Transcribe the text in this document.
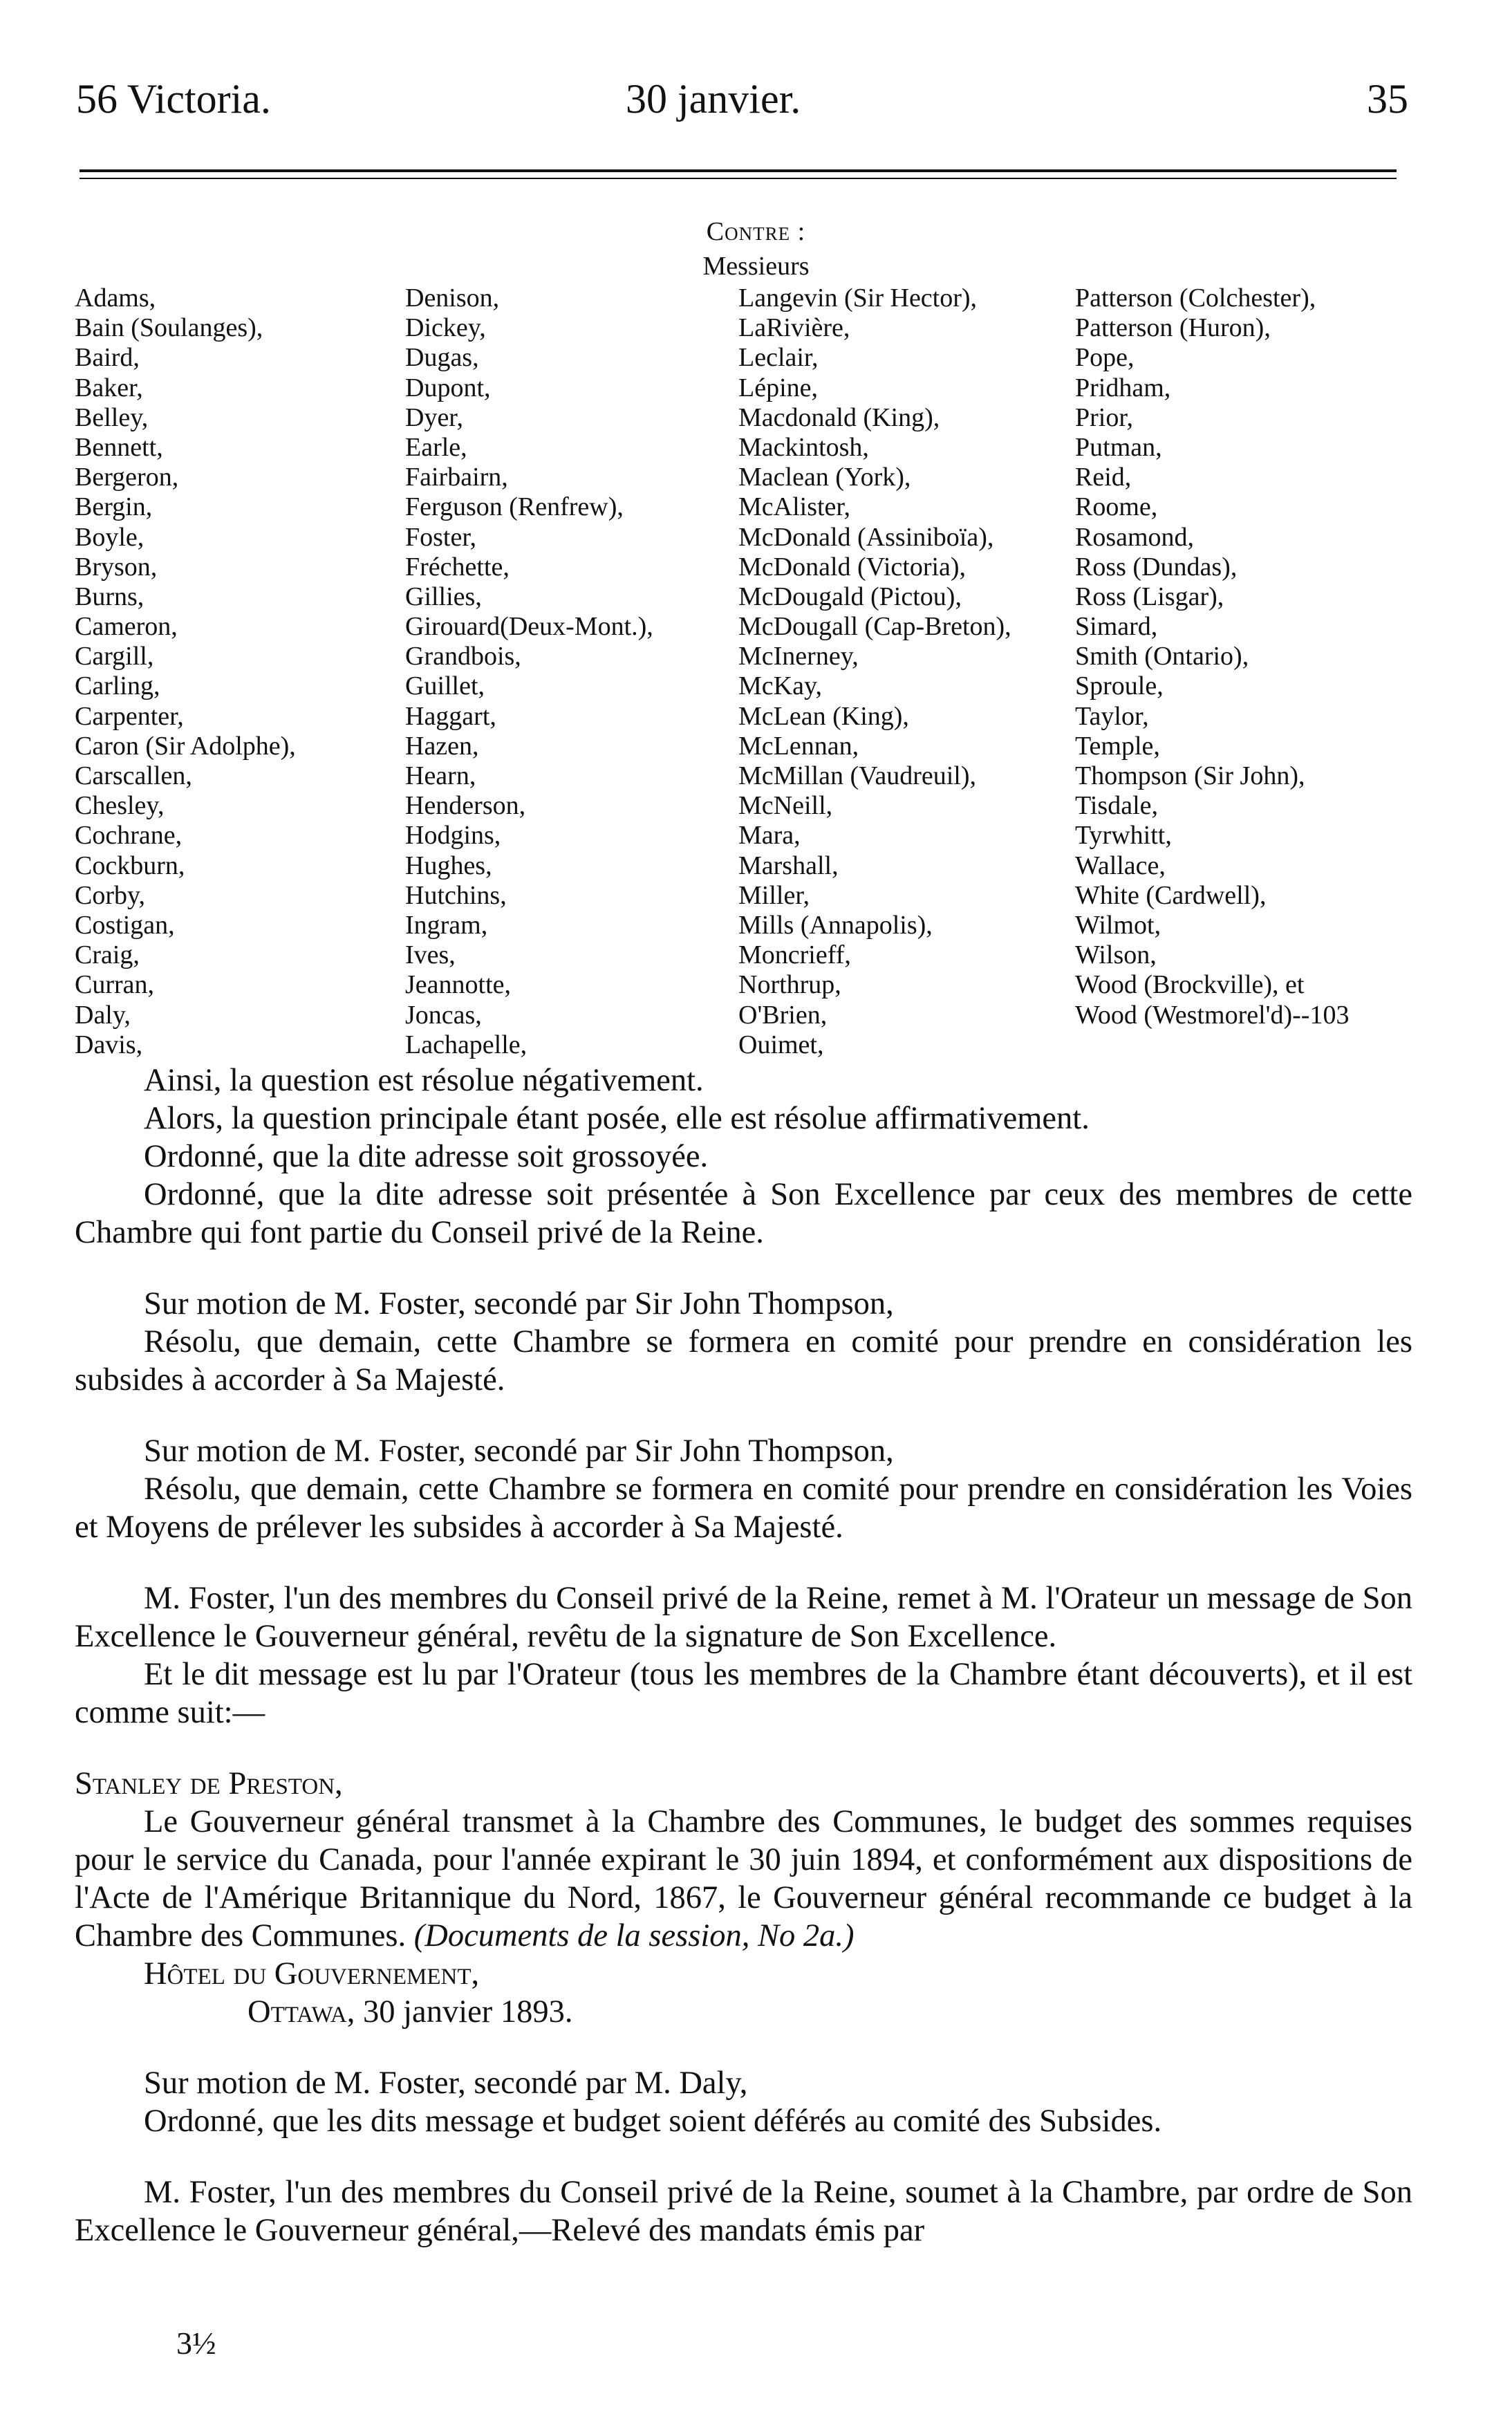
56 Victoria.	30 janvier.	35
Contre :
Messieurs
Adams,
Bain (Soulanges),
Baird,
Baker,
Belley,
Bennett,
Bergeron,
Bergin,
Boyle,
Bryson,
Burns,
Cameron,
Cargill,
Carling,
Carpenter,
Caron (Sir Adolphe),
Carscallen,
Chesley,
Cochrane,
Cockburn,
Corby,
Costigan,
Craig,
Curran,
Daly,
Davis,
Denison,
Dickey,
Dugas,
Dupont,
Dyer,
Earle,
Fairbairn,
Ferguson (Renfrew),
Foster,
Fréchette,
Gillies,
Girouard(Deux-Mont.),
Grandbois,
Guillet,
Haggart,
Hazen,
Hearn,
Henderson,
Hodgins,
Hughes,
Hutchins,
Ingram,
Ives,
Jeannotte,
Joncas,
Lachapelle,
Langevin (Sir Hector),
LaRivière,
Leclair,
Lépine,
Macdonald (King),
Mackintosh,
Maclean (York),
McAlister,
McDonald (Assiniboïa),
McDonald (Victoria),
McDougald (Pictou),
McDougall (Cap-Breton),
McInerney,
McKay,
McLean (King),
McLennan,
McMillan (Vaudreuil),
McNeill,
Mara,
Marshall,
Miller,
Mills (Annapolis),
Moncrieff,
Northrup,
O'Brien,
Ouimet,
Patterson (Colchester),
Patterson (Huron),
Pope,
Pridham,
Prior,
Putman,
Reid,
Roome,
Rosamond,
Ross (Dundas),
Ross (Lisgar),
Simard,
Smith (Ontario),
Sproule,
Taylor,
Temple,
Thompson (Sir John),
Tisdale,
Tyrwhitt,
Wallace,
White (Cardwell),
Wilmot,
Wilson,
Wood (Brockville), et
Wood (Westmorel'd)--103

Ainsi, la question est résolue négativement.

Alors, la question principale étant posée, elle est résolue affirmativement.

Ordonné, que la dite adresse soit grossoyée.

Ordonné, que la dite adresse soit présentée à Son Excellence par ceux des membres de cette Chambre qui font partie du Conseil privé de la Reine.

Sur motion de M. Foster, secondé par Sir John Thompson,

Résolu, que demain, cette Chambre se formera en comité pour prendre en considération les subsides à accorder à Sa Majesté.

Sur motion de M. Foster, secondé par Sir John Thompson,

Résolu, que demain, cette Chambre se formera en comité pour prendre en considération les Voies et Moyens de prélever les subsides à accorder à Sa Majesté.

M. Foster, l'un des membres du Conseil privé de la Reine, remet à M. l'Orateur un message de Son Excellence le Gouverneur général, revêtu de la signature de Son Excellence.

Et le dit message est lu par l'Orateur (tous les membres de la Chambre étant découverts), et il est comme suit:—

Stanley de Preston,

Le Gouverneur général transmet à la Chambre des Communes, le budget des sommes requises pour le service du Canada, pour l'année expirant le 30 juin 1894, et conformément aux dispositions de l'Acte de l'Amérique Britannique du Nord, 1867, le Gouverneur général recommande ce budget à la Chambre des Communes. (Documents de la session, No 2a.)

Hôtel du Gouvernement,

Ottawa, 30 janvier 1893.

Sur motion de M. Foster, secondé par M. Daly,

Ordonné, que les dits message et budget soient déférés au comité des Subsides.

M. Foster, l'un des membres du Conseil privé de la Reine, soumet à la Chambre, par ordre de Son Excellence le Gouverneur général,—Relevé des mandats émis par

3½
